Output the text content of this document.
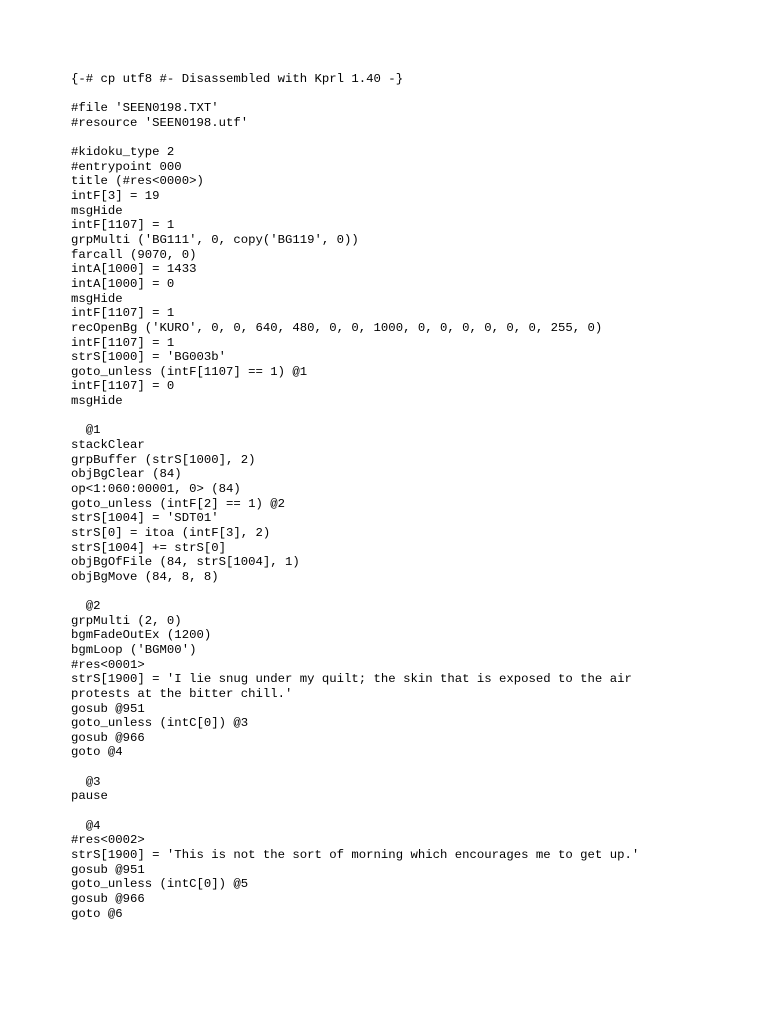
{-# cp utf8 #- Disassembled with Kprl 1.40 -}
#file 'SEEN0198.TXT'
#resource 'SEEN0198.utf'
#kidoku_type 2
#entrypoint 000
title (#res<0000>)
intF[3] = 19
msgHide
intF[1107] = 1
grpMulti ('BG111', 0, copy('BG119', 0))
farcall (9070, 0)
intA[1000] = 1433
intA[1000] = 0
msgHide
intF[1107] = 1
recOpenBg ('KURO', 0, 0, 640, 480, 0, 0, 1000, 0, 0, 0, 0, 0, 0, 255, 0)
intF[1107] = 1
strS[1000] = 'BG003b'
goto_unless (intF[1107] == 1) @1
intF[1107] = 0
msgHide
@1
stackClear
grpBuffer (strS[1000], 2)
objBgClear (84)
op<1:060:00001, 0> (84)
goto_unless (intF[2] == 1) @2
strS[1004] = 'SDT01'
strS[0] = itoa (intF[3], 2)
strS[1004] += strS[0]
objBgOfFile (84, strS[1004], 1)
objBgMove (84, 8, 8)
@2
grpMulti (2, 0)
bgmFadeOutEx (1200)
bgmLoop ('BGM00')
#res<0001>
strS[1900] = 'I lie snug under my quilt; the skin that is exposed to the air
protests at the bitter chill.'
gosub @951
goto_unless (intC[0]) @3
gosub @966
goto @4
@3
pause
@4
#res<0002>
strS[1900] = 'This is not the sort of morning which encourages me to get up.'
gosub @951
goto_unless (intC[0]) @5
gosub @966
goto @6
